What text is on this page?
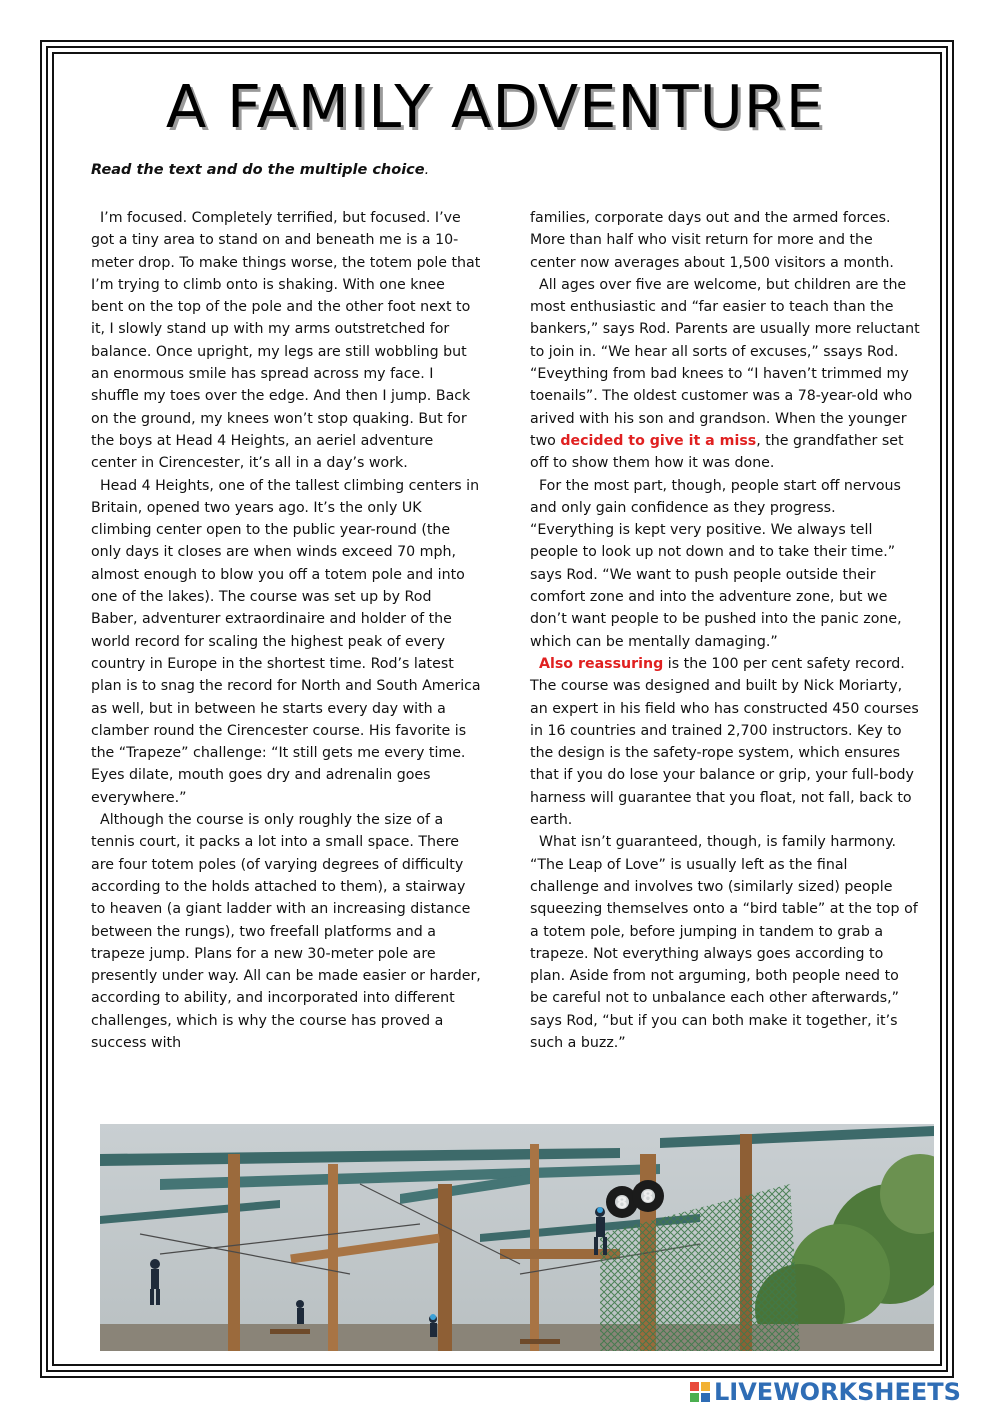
A FAMILY ADVENTURE

Read the text and do the multiple choice.

I’m focused. Completely terrified, but focused. I’ve got a tiny area to stand on and beneath me is a 10-meter drop. To make things worse, the totem pole that I’m trying to climb onto is shaking. With one knee bent on the top of the pole and the other foot next to it, I slowly stand up with my arms outstretched for balance. Once upright, my legs are still wobbling but an enormous smile has spread across my face. I shuffle my toes over the edge. And then I jump. Back on the ground, my knees won’t stop quaking. But for the boys at Head 4 Heights, an aeriel adventure center in Cirencester, it’s all in a day’s work.

Head 4 Heights, one of the tallest climbing centers in Britain, opened two years ago. It’s the only UK climbing center open to the public year-round (the only days it closes are when winds exceed 70 mph, almost enough to blow you off a totem pole and into one of the lakes). The course was set up by Rod Baber, adventurer extraordinaire and holder of the world record for scaling the highest peak of every country in Europe in the shortest time. Rod’s latest plan is to snag the record for North and South America as well, but in between he starts every day with a clamber round the Cirencester course. His favorite is the “Trapeze” challenge: “It still gets me every time. Eyes dilate, mouth goes dry and adrenalin goes everywhere.”

Although the course is only roughly the size of a tennis court, it packs a lot into a small space. There are four totem poles (of varying degrees of difficulty according to the holds attached to them), a stairway to heaven (a giant ladder with an increasing distance between the rungs), two freefall platforms and a trapeze jump. Plans for a new 30-meter pole are presently under way. All can be made easier or harder, according to ability, and incorporated into different challenges, which is why the course has proved a success with

families, corporate days out and the armed forces. More than half who visit return for more and the center now averages about 1,500 visitors a month.

All ages over five are welcome, but children are the most enthusiastic and “far easier to teach than the bankers,” says Rod. Parents are usually more reluctant to join in. “We hear all sorts of excuses,” ssays Rod. “Eveything from bad knees to “I haven’t trimmed my toenails”. The oldest customer was a 78-year-old who arived with his son and grandson. When the younger two decided to give it a miss, the grandfather set off to show them how it was done.

For the most part, though, people start off nervous and only gain confidence as they progress. “Everything is kept very positive. We always tell people to look up not down and to take their time.” says Rod. “We want to push people outside their comfort zone and into the adventure zone, but we don’t want people to be pushed into the panic zone, which can be mentally damaging.”

Also reassuring is the 100 per cent safety record. The course was designed and built by Nick Moriarty, an expert in his field who has constructed 450 courses in 16 countries and trained 2,700 instructors. Key to the design is the safety-rope system, which ensures that if you do lose your balance or grip, your full-body harness will guarantee that you float, not fall, back to earth.

What isn’t guaranteed, though, is family harmony. “The Leap of Love” is usually left as the final challenge and involves two (similarly sized) people squeezing themselves onto a “bird table” at the top of a totem pole, before jumping in tandem to grab a trapeze. Not everything always goes according to plan. Aside from not arguming, both people need to be careful not to unbalance each other afterwards,” says Rod, “but if you can both make it together, it’s such a buzz.”

8 8
LIVEWORKSHEETS
